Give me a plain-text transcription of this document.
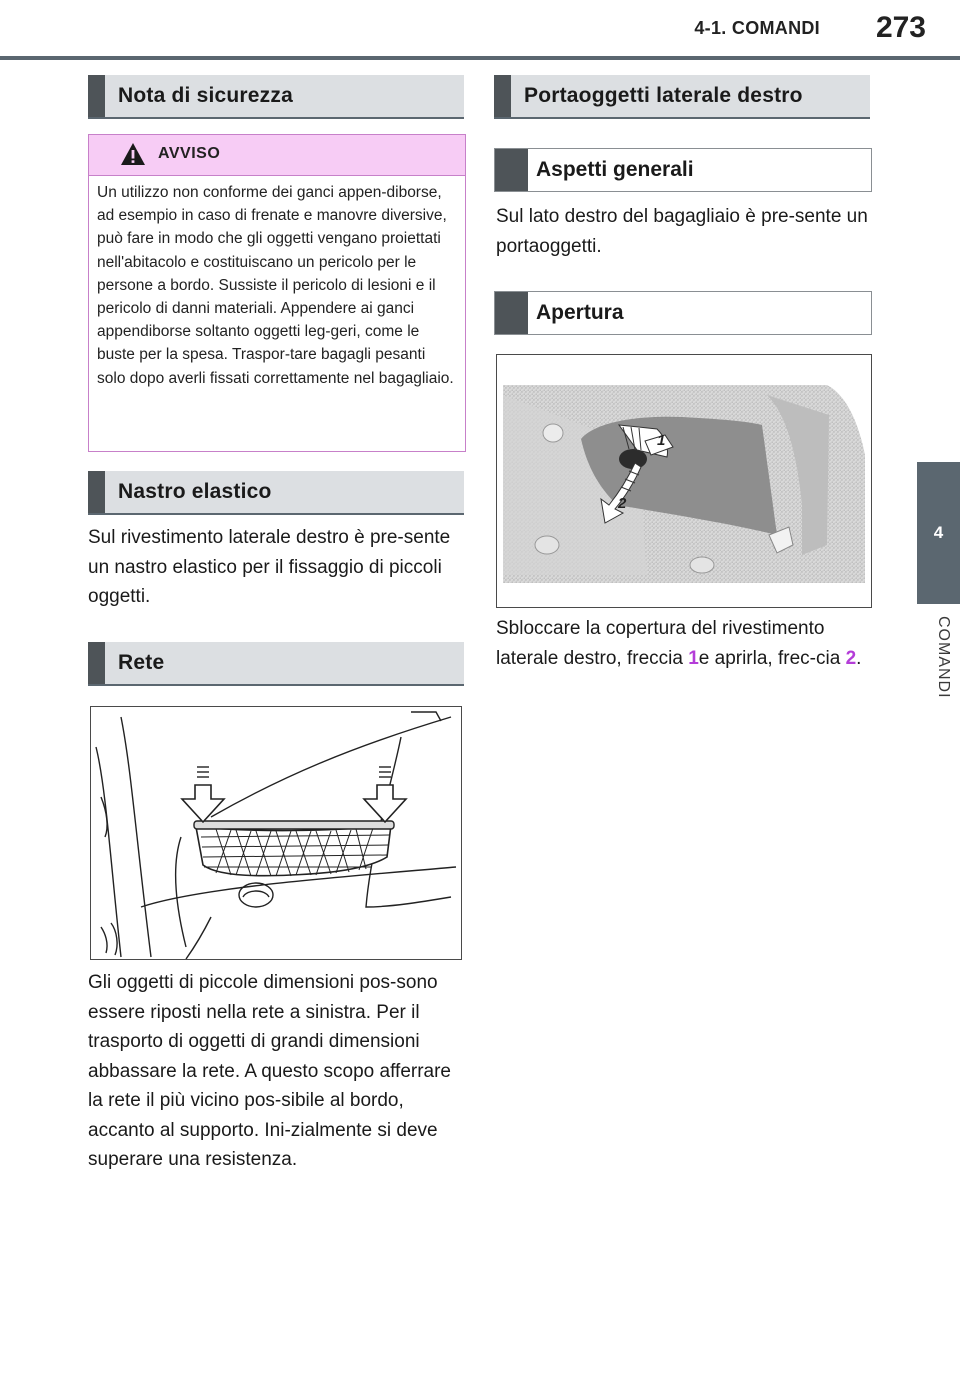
4-1. COMANDI	273
4
COMANDI
Nota di sicurezza
AVVISO
Un utilizzo non conforme dei ganci appen-diborse, ad esempio in caso di frenate e manovre diversive, può fare in modo che gli oggetti vengano proiettati nell'abitacolo e costituiscano un pericolo per le persone a bordo. Sussiste il pericolo di lesioni e il pericolo di danni materiali. Appendere ai ganci appendiborse soltanto oggetti leg-geri, come le buste per la spesa. Traspor-tare bagagli pesanti solo dopo averli fissati correttamente nel bagagliaio.
Nastro elastico
Sul rivestimento laterale destro è pre-sente un nastro elastico per il fissaggio di piccoli oggetti.
Rete
Gli oggetti di piccole dimensioni pos-sono essere riposti nella rete a sinistra. Per il trasporto di oggetti di grandi dimensioni abbassare la rete. A questo scopo afferrare la rete il più vicino pos-sibile al bordo, accanto al supporto. Ini-zialmente si deve superare una resistenza.
Portaoggetti laterale destro
Aspetti generali
Sul lato destro del bagagliaio è pre-sente un portaoggetti.
Apertura
1
2
Sbloccare la copertura del rivestimento laterale destro, freccia 1e aprirla, frec-cia 2.
